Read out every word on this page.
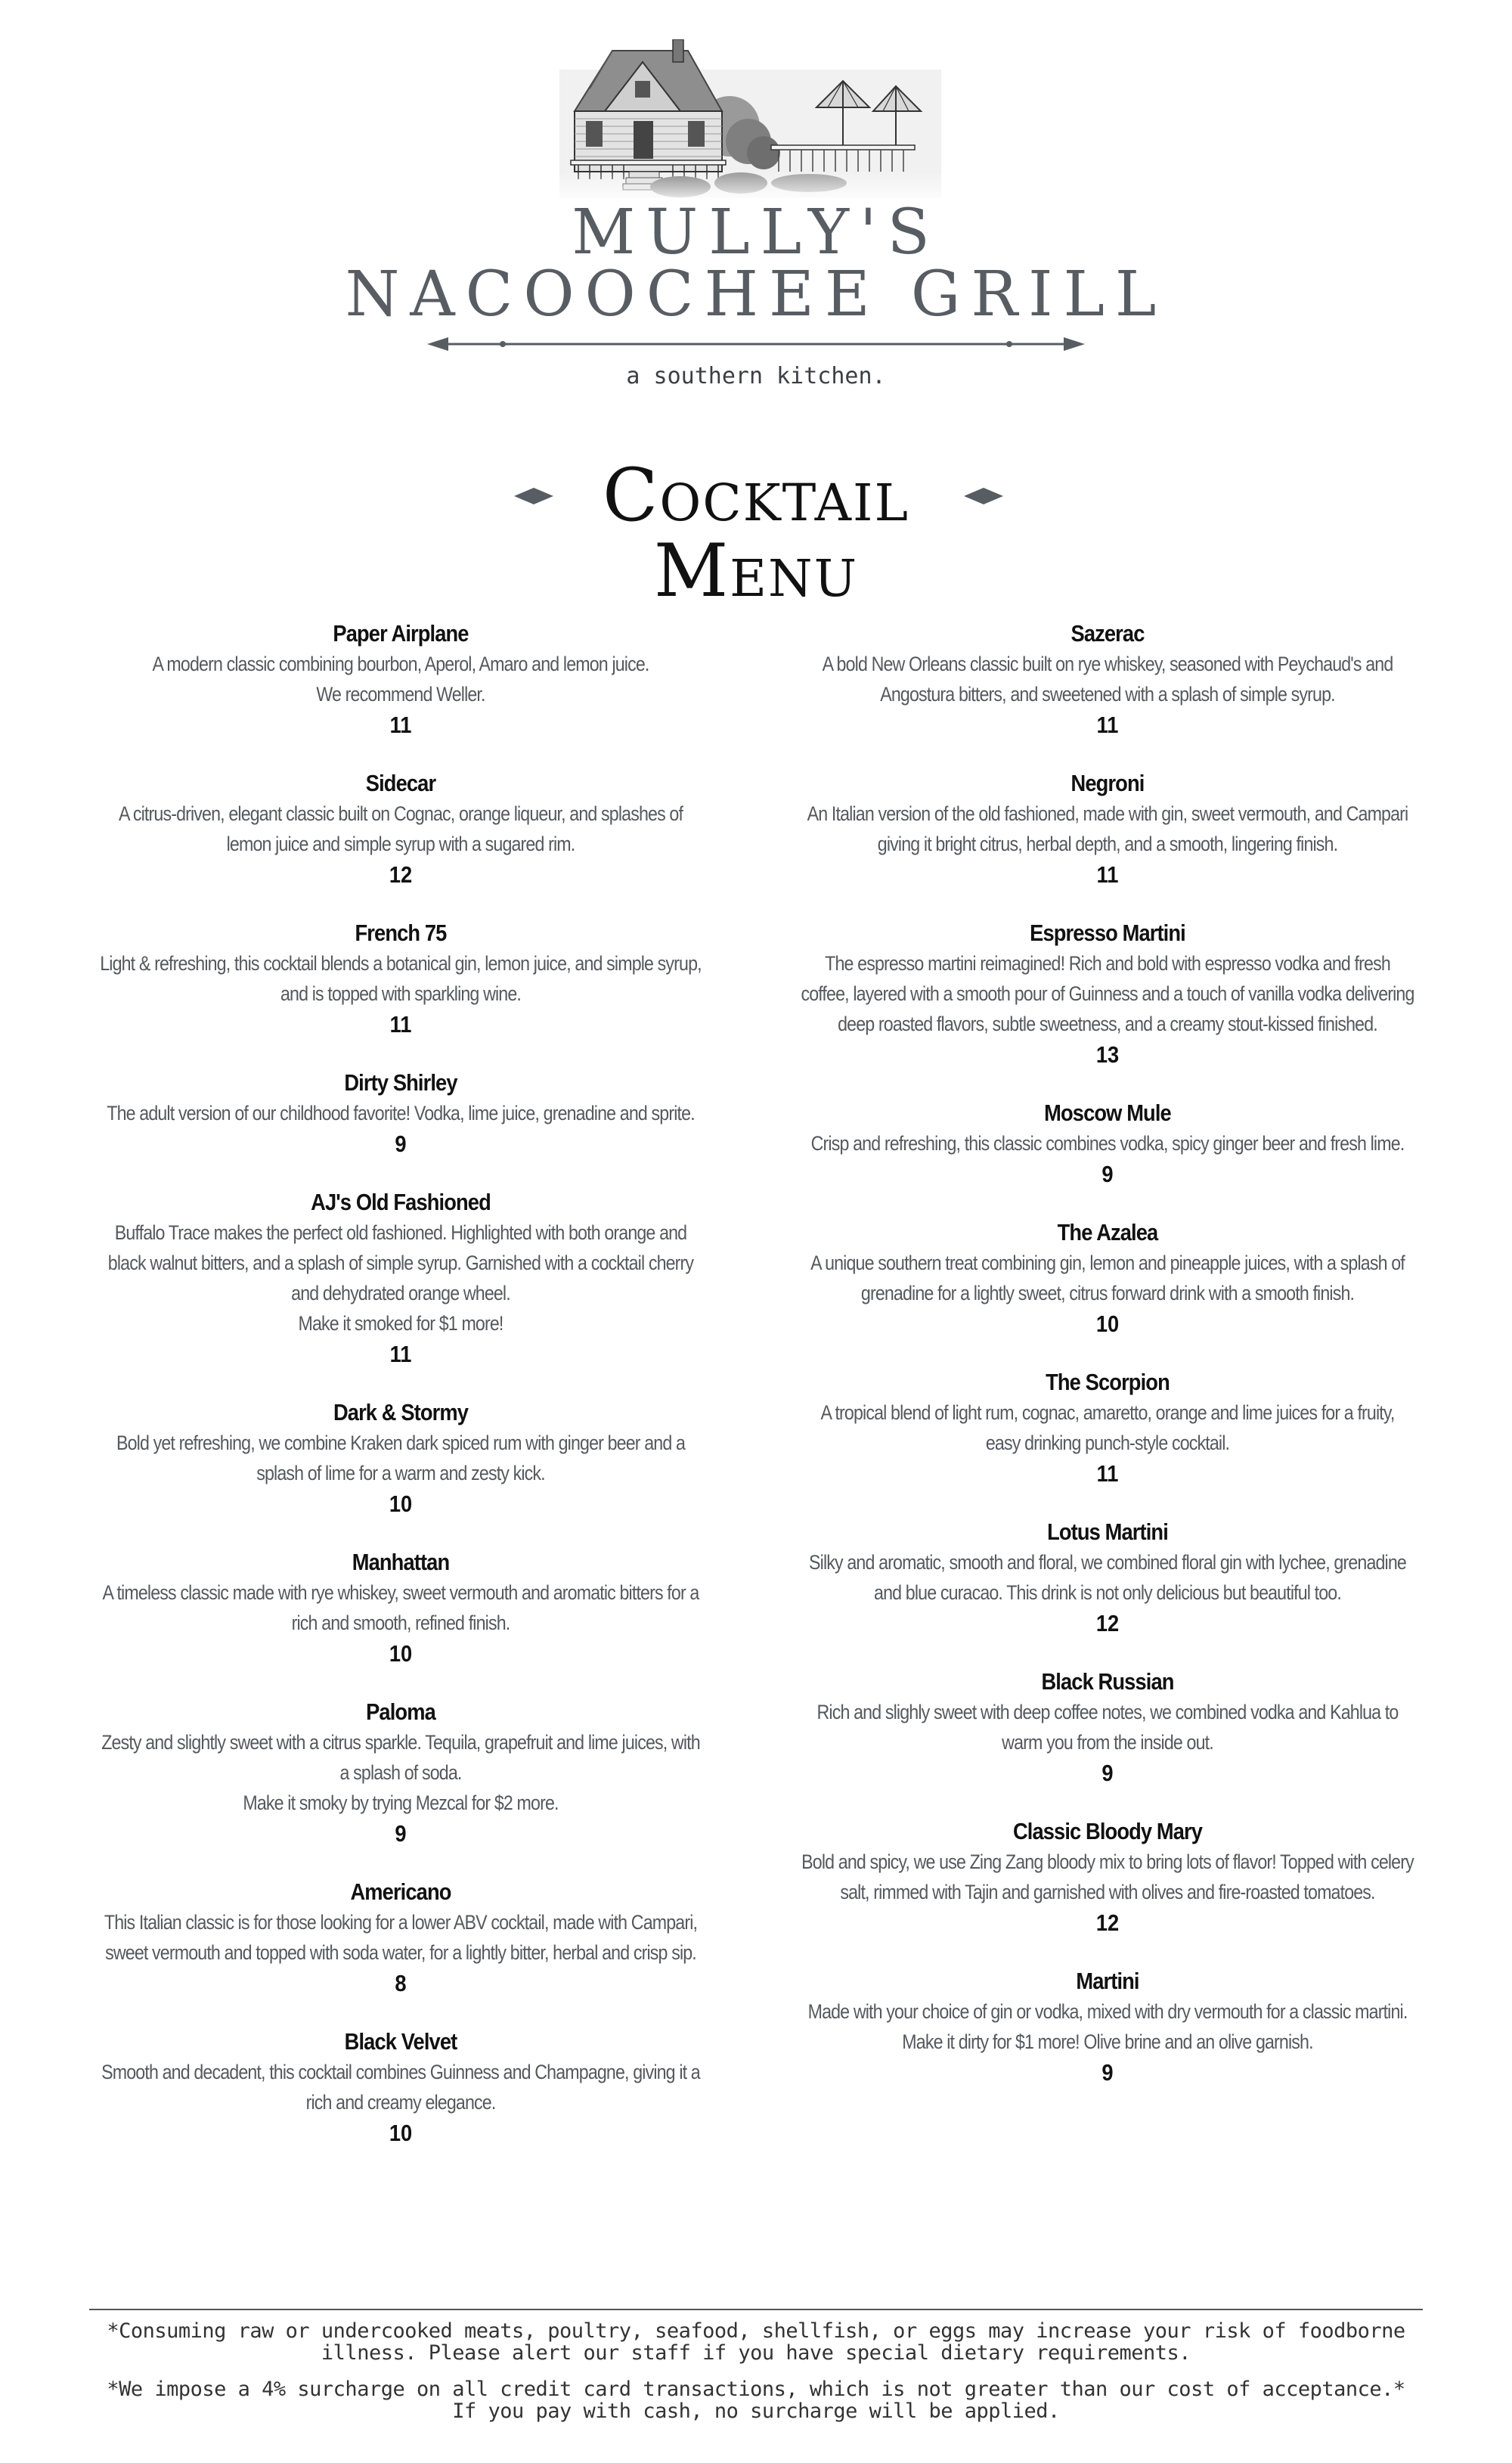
MULLY'S
NACOOCHEE GRILL

a southern kitchen.

Cocktail

Menu

Paper Airplane

A modern classic combining bourbon, Aperol, Amaro and lemon juice.
We recommend Weller.

11

Sidecar

A citrus-driven, elegant classic built on Cognac, orange liqueur, and splashes of
lemon juice and simple syrup with a sugared rim.

12

French 75

Light & refreshing, this cocktail blends a botanical gin, lemon juice, and simple syrup,
and is topped with sparkling wine.

11

Dirty Shirley

The adult version of our childhood favorite! Vodka, lime juice, grenadine and sprite.

9

AJ's Old Fashioned

Buffalo Trace makes the perfect old fashioned. Highlighted with both orange and
black walnut bitters, and a splash of simple syrup. Garnished with a cocktail cherry
and dehydrated orange wheel.
Make it smoked for $1 more!

11

Dark & Stormy

Bold yet refreshing, we combine Kraken dark spiced rum with ginger beer and a
splash of lime for a warm and zesty kick.

10

Manhattan

A timeless classic made with rye whiskey, sweet vermouth and aromatic bitters for a
rich and smooth, refined finish.

10

Paloma

Zesty and slightly sweet with a citrus sparkle. Tequila, grapefruit and lime juices, with
a splash of soda.
Make it smoky by trying Mezcal for $2 more.

9

Americano

This Italian classic is for those looking for a lower ABV cocktail, made with Campari,
sweet vermouth and topped with soda water, for a lightly bitter, herbal and crisp sip.

8

Black Velvet

Smooth and decadent, this cocktail combines Guinness and Champagne, giving it a
rich and creamy elegance.

10

Sazerac

A bold New Orleans classic built on rye whiskey, seasoned with Peychaud's and
Angostura bitters, and sweetened with a splash of simple syrup.

11

Negroni

An Italian version of the old fashioned, made with gin, sweet vermouth, and Campari
giving it bright citrus, herbal depth, and a smooth, lingering finish.

11

Espresso Martini

The espresso martini reimagined! Rich and bold with espresso vodka and fresh
coffee, layered with a smooth pour of Guinness and a touch of vanilla vodka delivering
deep roasted flavors, subtle sweetness, and a creamy stout-kissed finished.

13

Moscow Mule

Crisp and refreshing, this classic combines vodka, spicy ginger beer and fresh lime.

9

The Azalea

A unique southern treat combining gin, lemon and pineapple juices, with a splash of
grenadine for a lightly sweet, citrus forward drink with a smooth finish.

10

The Scorpion

A tropical blend of light rum, cognac, amaretto, orange and lime juices for a fruity,
easy drinking punch-style cocktail.

11

Lotus Martini

Silky and aromatic, smooth and floral, we combined floral gin with lychee, grenadine
and blue curacao. This drink is not only delicious but beautiful too.

12

Black Russian

Rich and slighly sweet with deep coffee notes, we combined vodka and Kahlua to
warm you from the inside out.

9

Classic Bloody Mary

Bold and spicy, we use Zing Zang bloody mix to bring lots of flavor! Topped with celery
salt, rimmed with Tajin and garnished with olives and fire-roasted tomatoes.

12

Martini

Made with your choice of gin or vodka, mixed with dry vermouth for a classic martini.
Make it dirty for $1 more! Olive brine and an olive garnish.

9

*Consuming raw or undercooked meats, poultry, seafood, shellfish, or eggs may increase your risk of foodborne
illness. Please alert our staff if you have special dietary requirements.
*We impose a 4% surcharge on all credit card transactions, which is not greater than our cost of acceptance.*
If you pay with cash, no surcharge will be applied.
